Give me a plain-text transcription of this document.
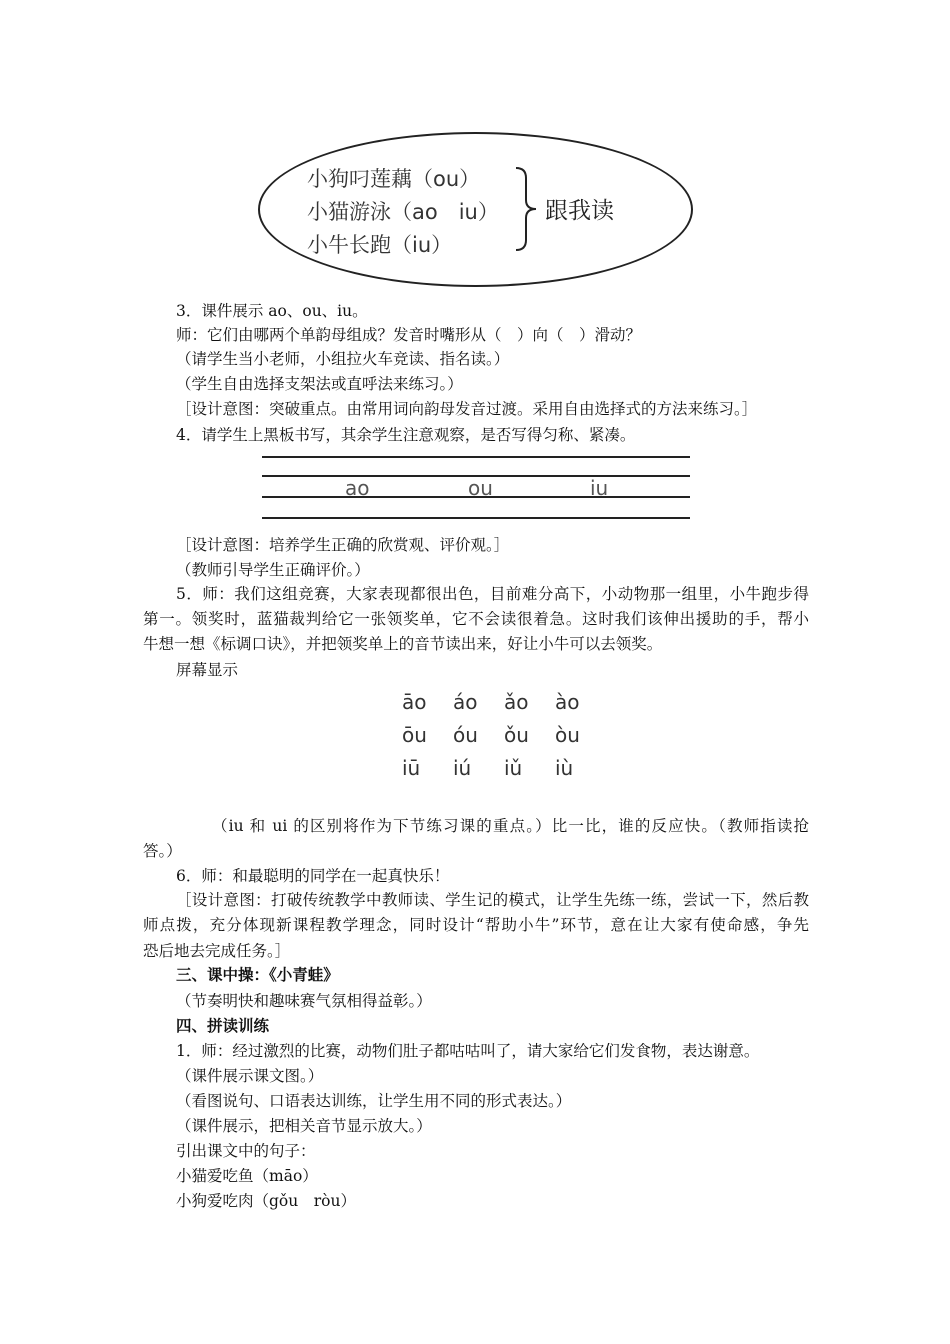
小狗叼莲藕（ou）
小猫游泳（ao　iu）
小牛长跑（iu）
跟我读
3．课件展示 ao、ou、iu。
师：它们由哪两个单韵母组成？发音时嘴形从（　）向（　）滑动？
（请学生当小老师，小组拉火车竞读、指名读。）
（学生自由选择支架法或直呼法来练习。）
［设计意图：突破重点。由常用词向韵母发音过渡。采用自由选择式的方法来练习。］
4．请学生上黑板书写，其余学生注意观察，是否写得匀称、紧凑。
ao	ou	iu
［设计意图：培养学生正确的欣赏观、评价观。］
（教师引导学生正确评价。）
5．师：我们这组竞赛，大家表现都很出色，目前难分高下，小动物那一组里，小牛跑步得
第一。领奖时，蓝猫裁判给它一张领奖单，它不会读很着急。这时我们该伸出援助的手，帮小
牛想一想《标调口诀》，并把领奖单上的音节读出来，好让小牛可以去领奖。
屏幕显示
āo áo ǎo ào
ōu óu ǒu òu
iū iú iǔ iù
（iu 和 ui 的区别将作为下节练习课的重点。）比一比，谁的反应快。（教师指读抢
答。）
6．师：和最聪明的同学在一起真快乐！
［设计意图：打破传统教学中教师读、学生记的模式，让学生先练一练，尝试一下，然后教
师点拨，充分体现新课程教学理念，同时设计“帮助小牛”环节，意在让大家有使命感，争先
恐后地去完成任务。］
三、课中操：《小青蛙》
（节奏明快和趣味赛气氛相得益彰。）
四、拼读训练
1．师：经过激烈的比赛，动物们肚子都咕咕叫了，请大家给它们发食物，表达谢意。
（课件展示课文图。）
（看图说句、口语表达训练，让学生用不同的形式表达。）
（课件展示，把相关音节显示放大。）
引出课文中的句子：
小猫爱吃鱼（māo）
小狗爱吃肉（gǒu　ròu）
